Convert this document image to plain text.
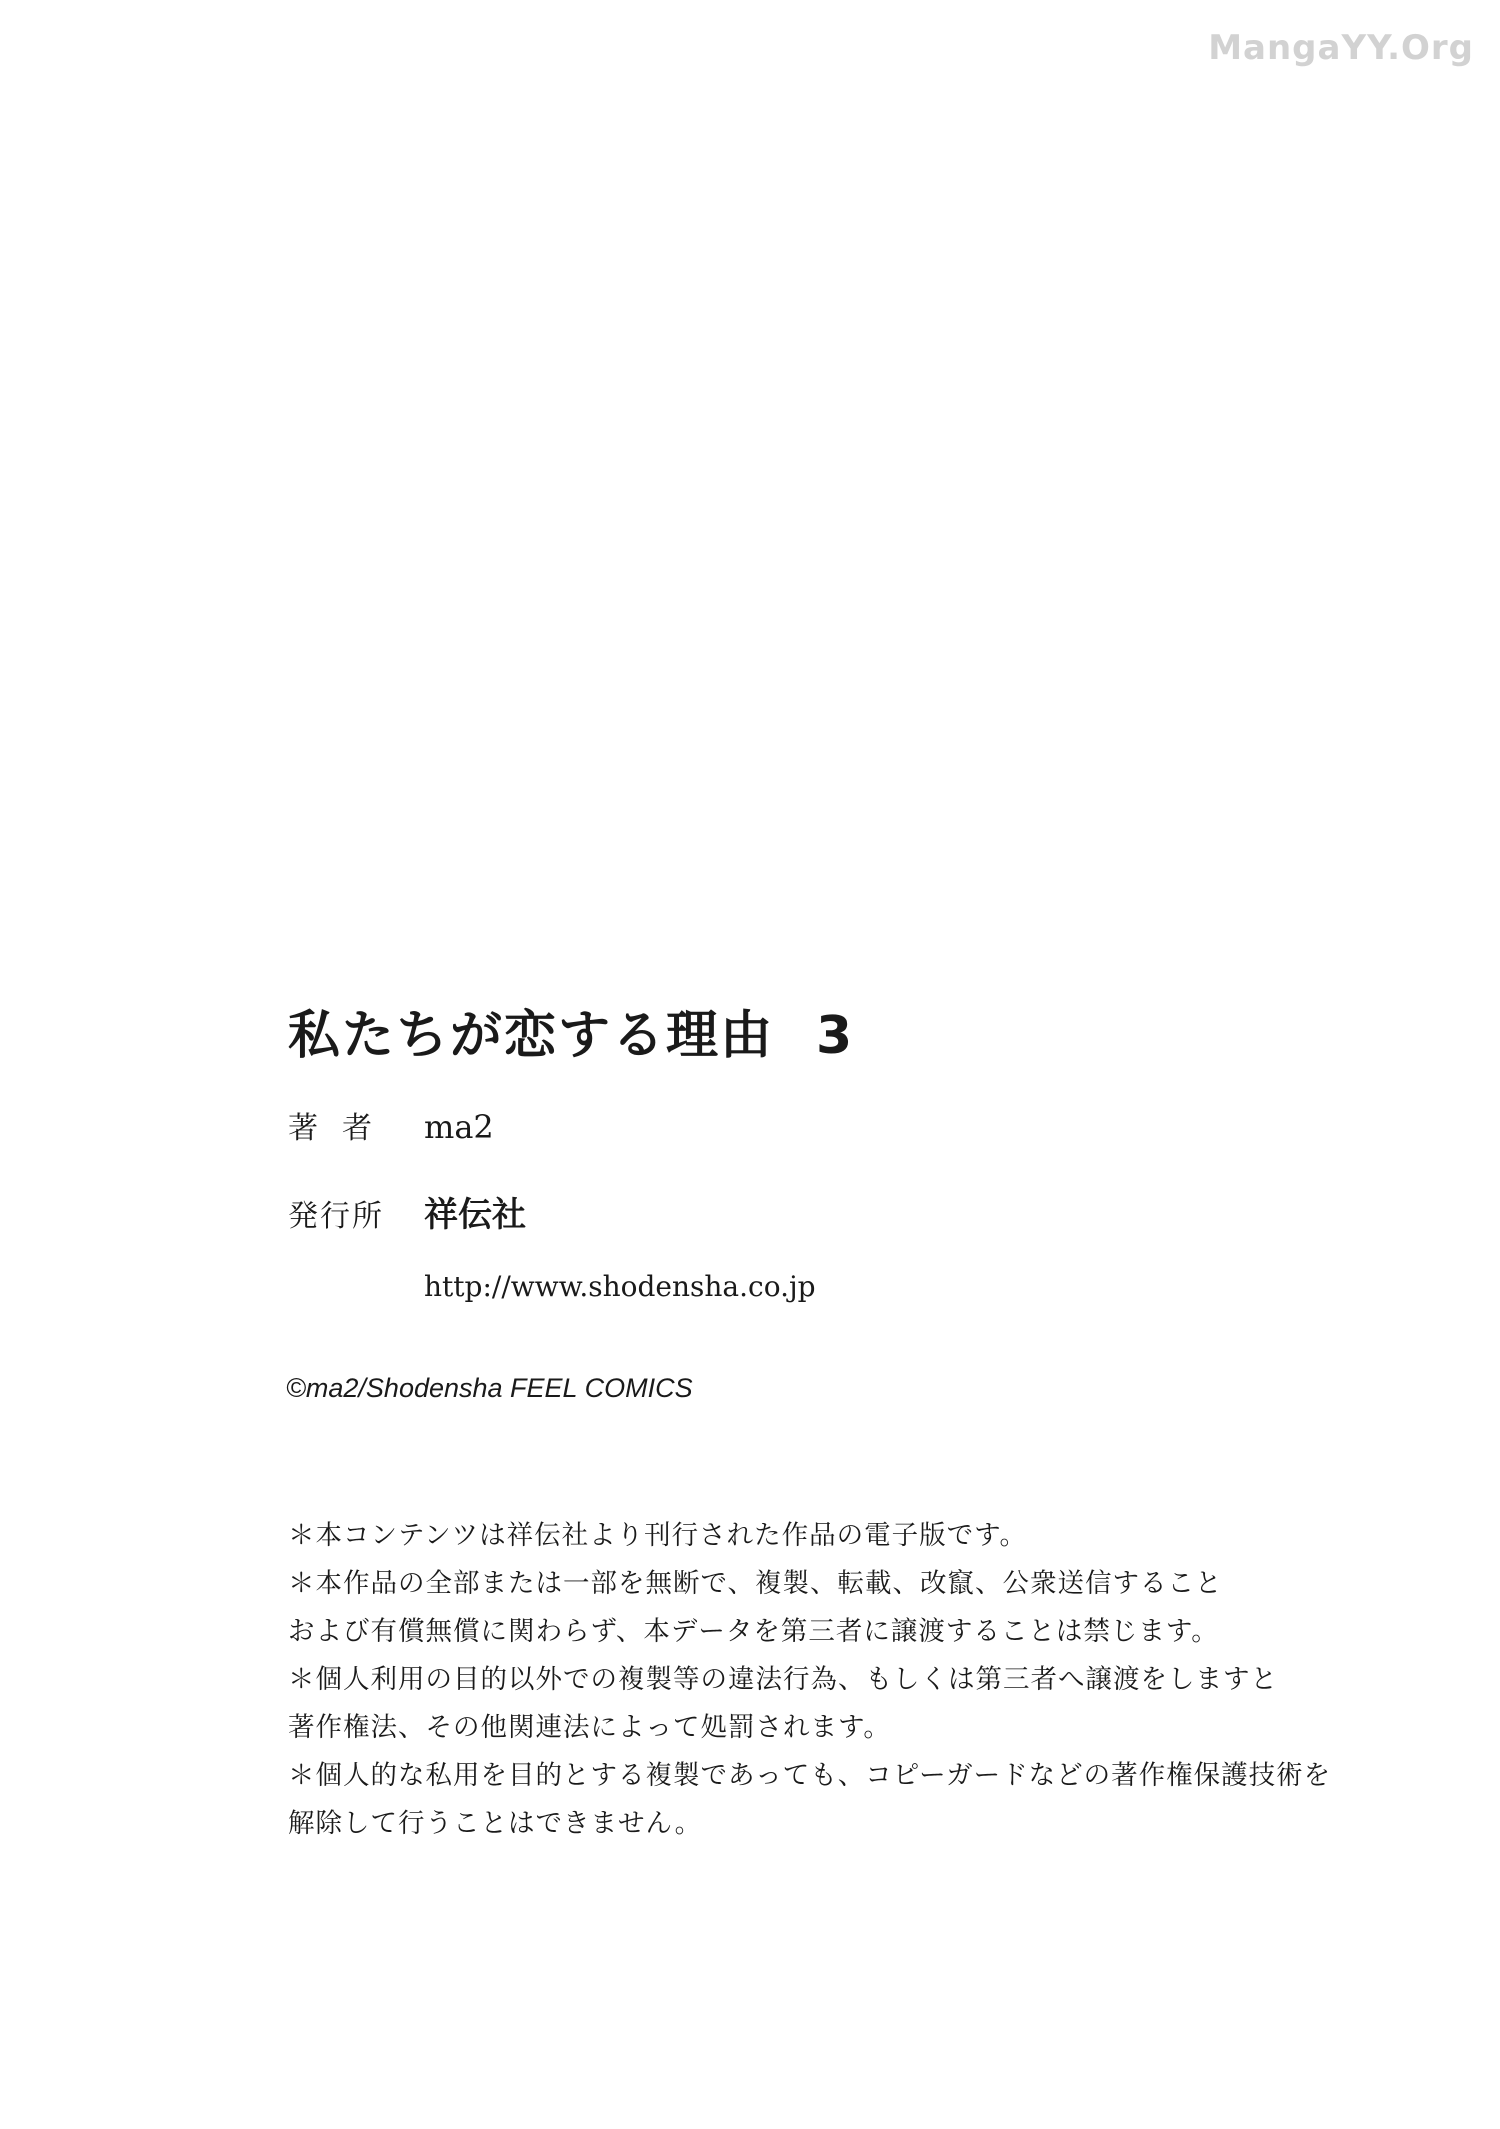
MangaYY.Org
私たちが恋する理由 3
著者 ma2
発行所	祥伝社
http://www.shodensha.co.jp
©ma2/Shodensha FEEL COMICS

＊本コンテンツは祥伝社より刊行された作品の電子版です。

＊本作品の全部または一部を無断で、複製、転載、改竄、公衆送信すること

および有償無償に関わらず、本データを第三者に譲渡することは禁じます。

＊個人利用の目的以外での複製等の違法行為、もしくは第三者へ譲渡をしますと

著作権法、その他関連法によって処罰されます。

＊個人的な私用を目的とする複製であっても、コピーガードなどの著作権保護技術を

解除して行うことはできません。
